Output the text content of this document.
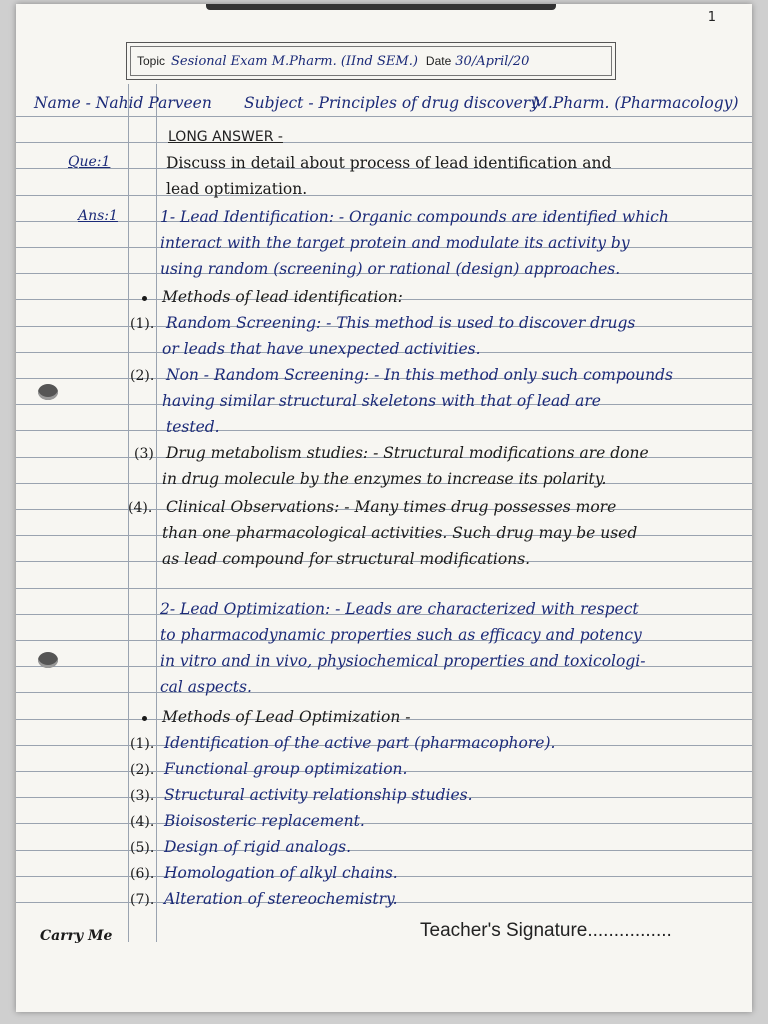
1
Topic Sesional Exam M.Pharm. (IInd SEM.) Date 30/April/20
Name - Nahid Parveen Subject - Principles of drug discovery
M.Pharm. (Pharmacology)
LONG ANSWER -
Que:1	Discuss in detail about process of lead identification and
lead optimization.
Ans:1	1- Lead Identification: - Organic compounds are identified which
interact with the target protein and modulate its activity by
using random (screening) or rational (design) approaches.
Methods of lead identification:
(1). Random Screening: - This method is used to discover drugs
or leads that have unexpected activities.
(2). Non - Random Screening: - In this method only such compounds
having similar structural skeletons with that of lead are
tested.
(3) Drug metabolism studies: - Structural modifications are done
in drug molecule by the enzymes to increase its polarity.
(4). Clinical Observations: - Many times drug possesses more
than one pharmacological activities. Such drug may be used
as lead compound for structural modifications.
2- Lead Optimization: - Leads are characterized with respect
to pharmacodynamic properties such as efficacy and potency
in vitro and in vivo, physiochemical properties and toxicologi-
cal aspects.
Methods of Lead Optimization -
(1). Identification of the active part (pharmacophore).
(2). Functional group optimization.
(3). Structural activity relationship studies.
(4). Bioisosteric replacement.
(5). Design of rigid analogs.
(6). Homologation of alkyl chains.
(7). Alteration of stereochemistry.
Carry Me	Teacher's Signature................
